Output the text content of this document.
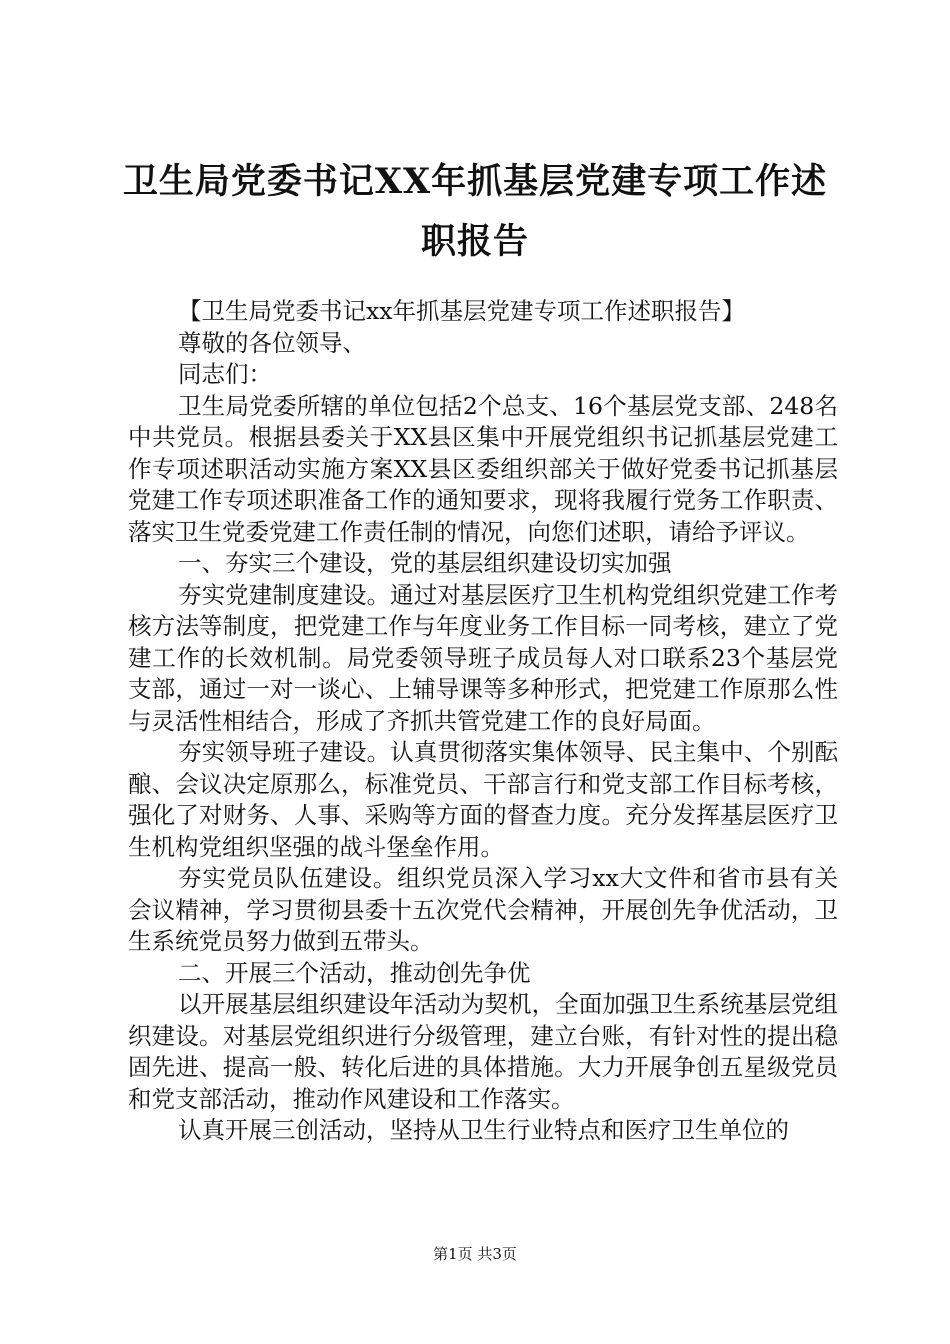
卫生局党委书记XX年抓基层党建专项工作述
职报告

【卫生局党委书记xx年抓基层党建专项工作述职报告】

尊敬的各位领导、

同志们：

卫生局党委所辖的单位包括2个总支、16个基层党支部、248名中共党员。根据县委关于XX县区集中开展党组织书记抓基层党建工作专项述职活动实施方案XX县区委组织部关于做好党委书记抓基层党建工作专项述职准备工作的通知要求，现将我履行党务工作职责、落实卫生党委党建工作责任制的情况，向您们述职，请给予评议。

一、夯实三个建设，党的基层组织建设切实加强

夯实党建制度建设。通过对基层医疗卫生机构党组织党建工作考核方法等制度，把党建工作与年度业务工作目标一同考核，建立了党建工作的长效机制。局党委领导班子成员每人对口联系23个基层党支部，通过一对一谈心、上辅导课等多种形式，把党建工作原那么性与灵活性相结合，形成了齐抓共管党建工作的良好局面。

夯实领导班子建设。认真贯彻落实集体领导、民主集中、个别酝酿、会议决定原那么，标准党员、干部言行和党支部工作目标考核，强化了对财务、人事、采购等方面的督查力度。充分发挥基层医疗卫生机构党组织坚强的战斗堡垒作用。

夯实党员队伍建设。组织党员深入学习xx大文件和省市县有关会议精神，学习贯彻县委十五次党代会精神，开展创先争优活动，卫生系统党员努力做到五带头。

二、开展三个活动，推动创先争优

以开展基层组织建设年活动为契机，全面加强卫生系统基层党组织建设。对基层党组织进行分级管理，建立台账，有针对性的提出稳固先进、提高一般、转化后进的具体措施。大力开展争创五星级党员和党支部活动，推动作风建设和工作落实。

认真开展三创活动，坚持从卫生行业特点和医疗卫生单位的

第1页 共3页
